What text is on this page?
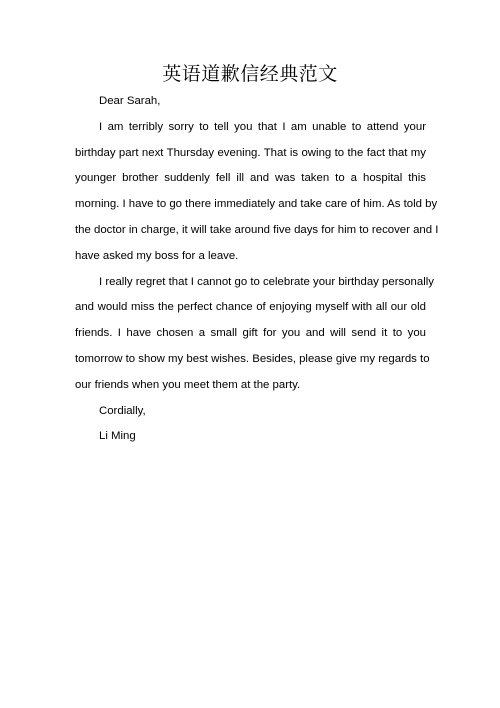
英语道歉信经典范文
Dear Sarah,
I am terribly sorry to tell you that I am unable to attend your
birthday part next Thursday evening. That is owing to the fact that my
younger brother suddenly fell ill and was taken to a hospital this
morning. I have to go there immediately and take care of him. As told by
the doctor in charge, it will take around five days for him to recover and I
have asked my boss for a leave.
I really regret that I cannot go to celebrate your birthday personally
and would miss the perfect chance of enjoying myself with all our old
friends. I have chosen a small gift for you and will send it to you
tomorrow to show my best wishes. Besides, please give my regards to
our friends when you meet them at the party.
Cordially,
Li Ming
